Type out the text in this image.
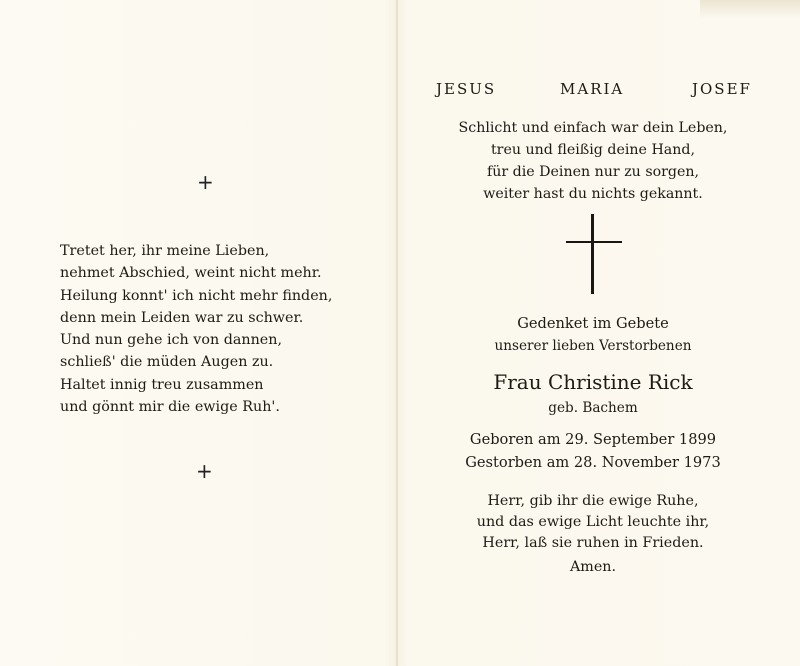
+
Tretet her, ihr meine Lieben,
nehmet Abschied, weint nicht mehr.
Heilung konnt' ich nicht mehr finden,
denn mein Leiden war zu schwer.
Und nun gehe ich von dannen,
schließ' die müden Augen zu.
Haltet innig treu zusammen
und gönnt mir die ewige Ruh'.
+
JESUS	MARIA	JOSEF
Schlicht und einfach war dein Leben,
treu und fleißig deine Hand,
für die Deinen nur zu sorgen,
weiter hast du nichts gekannt.
Gedenket im Gebete
unserer lieben Verstorbenen
Frau Christine Rick
geb. Bachem
Geboren am 29. September 1899
Gestorben am 28. November 1973
Herr, gib ihr die ewige Ruhe,
und das ewige Licht leuchte ihr,
Herr, laß sie ruhen in Frieden.
Amen.
